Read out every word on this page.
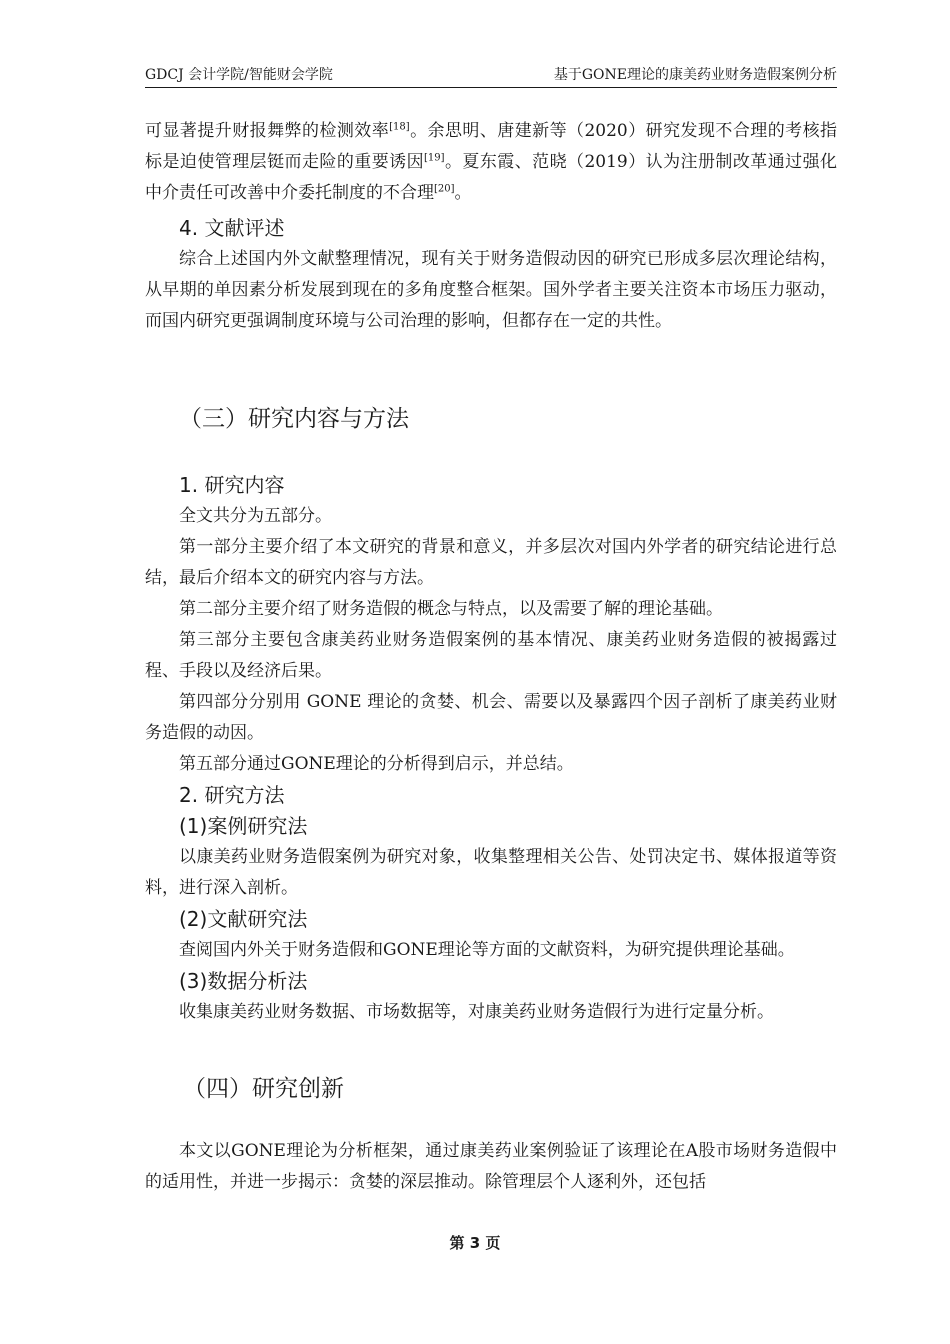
GDCJ 会计学院/智能财会学院	基于GONE理论的康美药业财务造假案例分析

可显著提升财报舞弊的检测效率[18]。余思明、唐建新等（2020）研究发现不合理的考核指标是迫使管理层铤而走险的重要诱因[19]。夏东霞、范晓（2019）认为注册制改革通过强化中介责任可改善中介委托制度的不合理[20]。

4. 文献评述

综合上述国内外文献整理情况，现有关于财务造假动因的研究已形成多层次理论结构，从早期的单因素分析发展到现在的多角度整合框架。国外学者主要关注资本市场压力驱动，而国内研究更强调制度环境与公司治理的影响，但都存在一定的共性。

（三）研究内容与方法
1. 研究内容

全文共分为五部分。

第一部分主要介绍了本文研究的背景和意义，并多层次对国内外学者的研究结论进行总结，最后介绍本文的研究内容与方法。

第二部分主要介绍了财务造假的概念与特点，以及需要了解的理论基础。

第三部分主要包含康美药业财务造假案例的基本情况、康美药业财务造假的被揭露过程、手段以及经济后果。

第四部分分别用 GONE 理论的贪婪、机会、需要以及暴露四个因子剖析了康美药业财务造假的动因。

第五部分通过GONE理论的分析得到启示，并总结。

2. 研究方法
(1)案例研究法

以康美药业财务造假案例为研究对象，收集整理相关公告、处罚决定书、媒体报道等资料，进行深入剖析。

(2)文献研究法

查阅国内外关于财务造假和GONE理论等方面的文献资料，为研究提供理论基础。

(3)数据分析法

收集康美药业财务数据、市场数据等，对康美药业财务造假行为进行定量分析。

（四）研究创新

本文以GONE理论为分析框架，通过康美药业案例验证了该理论在A股市场财务造假中的适用性，并进一步揭示：贪婪的深层推动。除管理层个人逐利外，还包括

第 3 页
